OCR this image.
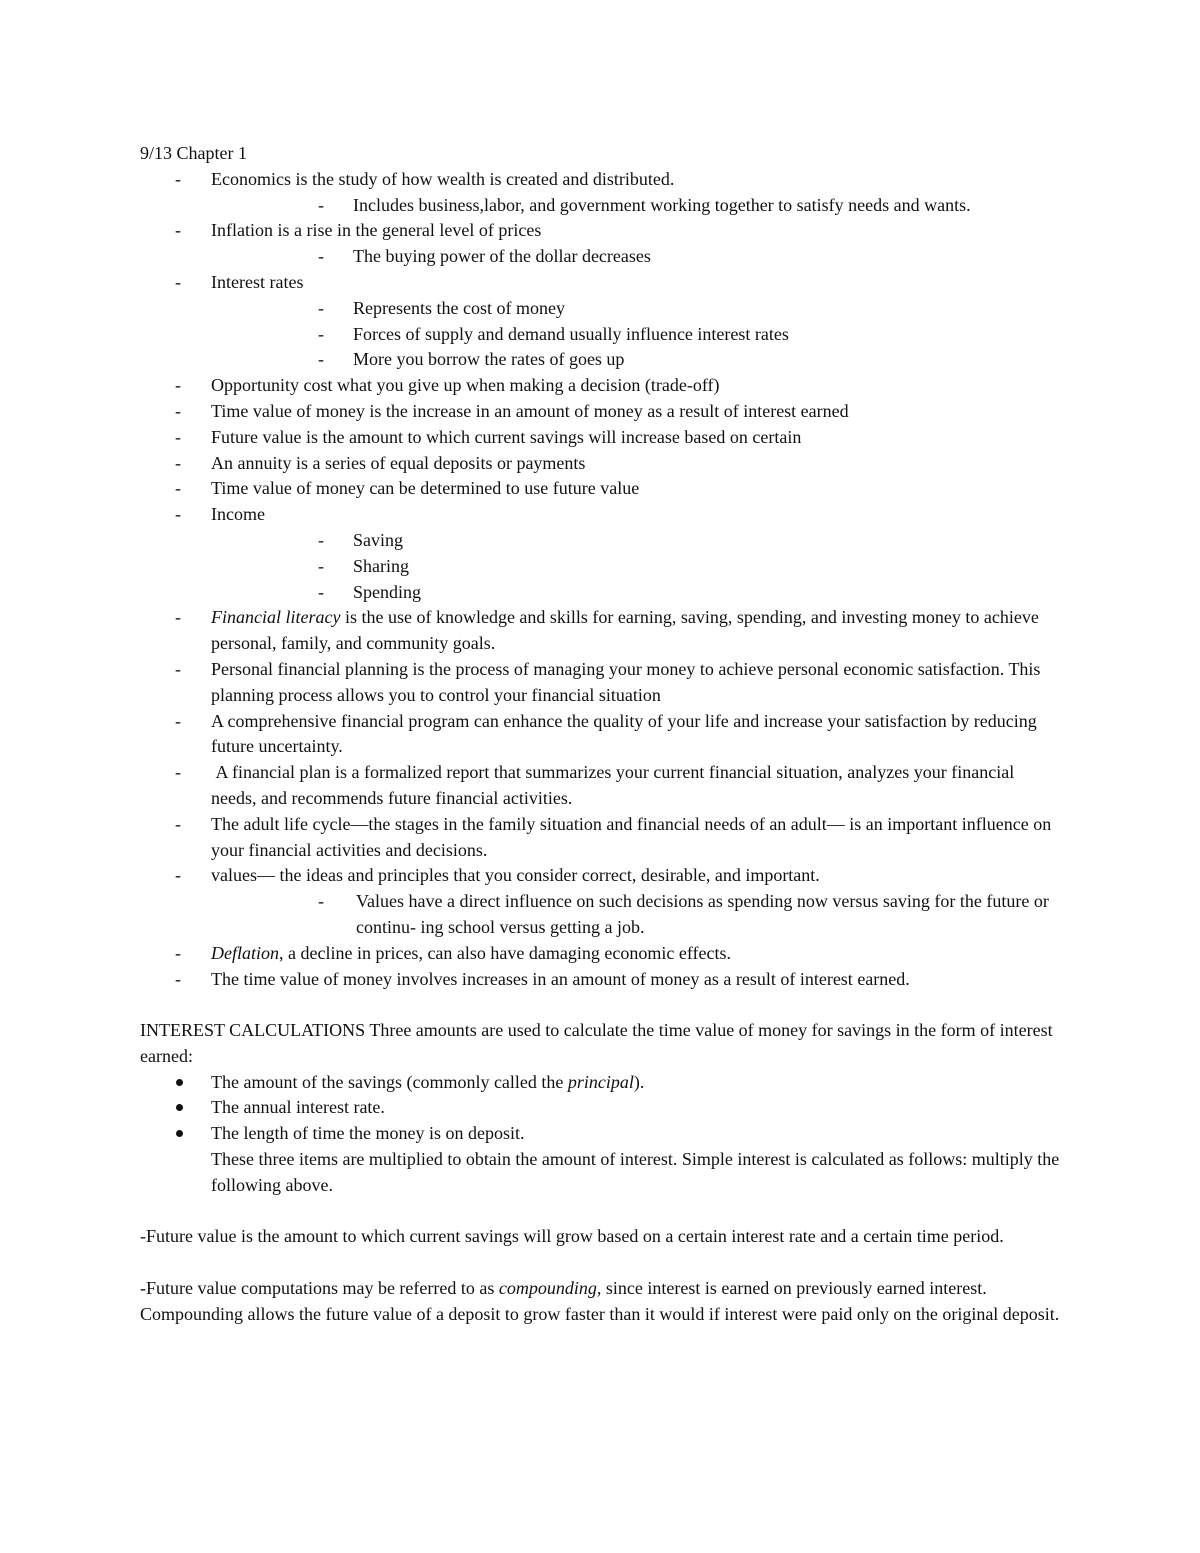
9/13 Chapter 1

- Economics is the study of how wealth is created and distributed.
- Includes business,labor, and government working together to satisfy needs and wants.
- Inflation is a rise in the general level of prices
- The buying power of the dollar decreases
- Interest rates
- Represents the cost of money
- Forces of supply and demand usually influence interest rates
- More you borrow the rates of goes up
- Opportunity cost what you give up when making a decision (trade-off)
- Time value of money is the increase in an amount of money as a result of interest earned
- Future value is the amount to which current savings will increase based on certain
- An annuity is a series of equal deposits or payments
- Time value of money can be determined to use future value
- Income
- Saving
- Sharing
- Spending
- Financial literacy is the use of knowledge and skills for earning, saving, spending, and investing money to achieve personal, family, and community goals.
- Personal financial planning is the process of managing your money to achieve personal economic satisfaction. This planning process allows you to control your financial situation
- A comprehensive financial program can enhance the quality of your life and increase your satisfaction by reducing future uncertainty.
-  A financial plan is a formalized report that summarizes your current financial situation, analyzes your financial needs, and recommends future financial activities.
- The adult life cycle—the stages in the family situation and financial needs of an adult— is an important influence on your financial activities and decisions.
- values— the ideas and principles that you consider correct, desirable, and important.
- Values have a direct influence on such decisions as spending now versus saving for the future or continu- ing school versus getting a job.
- Deflation, a decline in prices, can also have damaging economic effects.
- The time value of money involves increases in an amount of money as a result of interest earned.

INTEREST CALCULATIONS Three amounts are used to calculate the time value of money for savings in the form of interest earned:

The amount of the savings (commonly called the principal).
The annual interest rate.
The length of time the money is on deposit.
These three items are multiplied to obtain the amount of interest. Simple interest is calculated as follows: multiply the following above.

-Future value is the amount to which current savings will grow based on a certain interest rate and a certain time period.

-Future value computations may be referred to as compounding, since interest is earned on previously earned interest. Compounding allows the future value of a deposit to grow faster than it would if interest were paid only on the original deposit.
